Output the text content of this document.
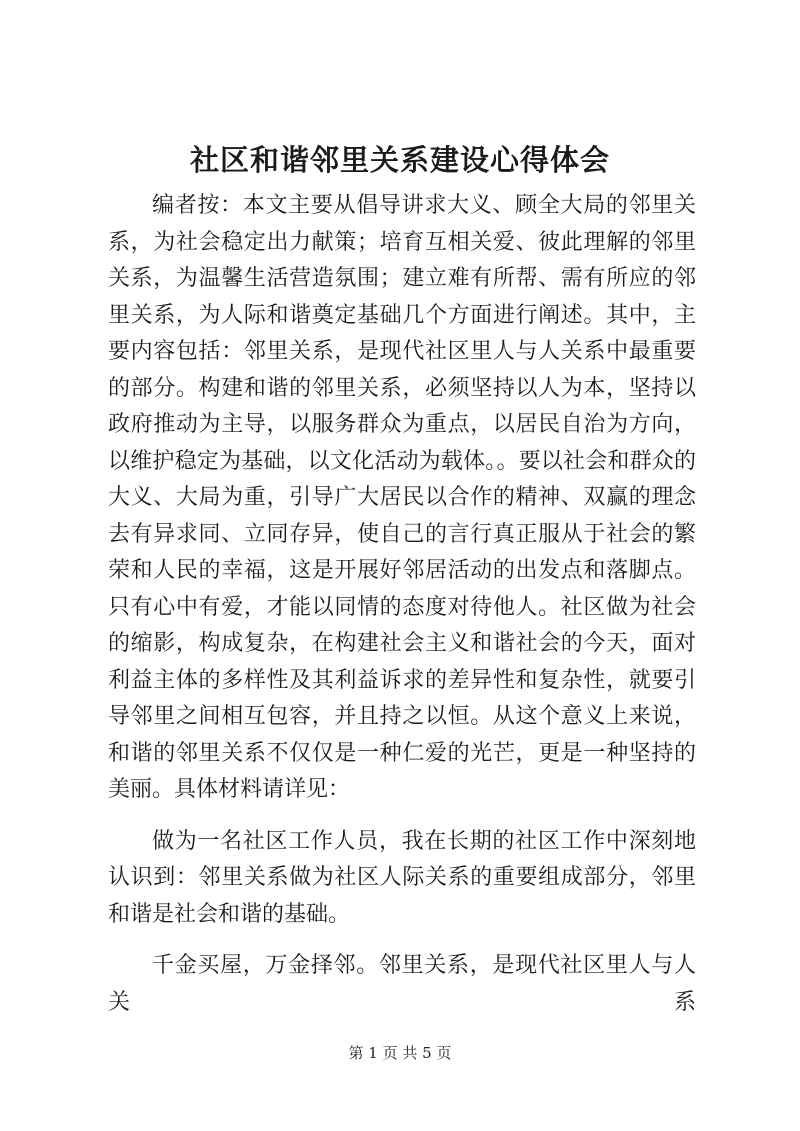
社区和谐邻里关系建设心得体会

编者按：本文主要从倡导讲求大义、顾全大局的邻里关系，为社会稳定出力献策；培育互相关爱、彼此理解的邻里关系，为温馨生活营造氛围；建立难有所帮、需有所应的邻里关系，为人际和谐奠定基础几个方面进行阐述。其中，主要内容包括：邻里关系，是现代社区里人与人关系中最重要的部分。构建和谐的邻里关系，必须坚持以人为本，坚持以政府推动为主导，以服务群众为重点，以居民自治为方向，以维护稳定为基础，以文化活动为载体。。要以社会和群众的大义、大局为重，引导广大居民以合作的精神、双赢的理念去有异求同、立同存异，使自己的言行真正服从于社会的繁荣和人民的幸福，这是开展好邻居活动的出发点和落脚点。只有心中有爱，才能以同情的态度对待他人。社区做为社会的缩影，构成复杂，在构建社会主义和谐社会的今天，面对利益主体的多样性及其利益诉求的差异性和复杂性，就要引导邻里之间相互包容，并且持之以恒。从这个意义上来说，和谐的邻里关系不仅仅是一种仁爱的光芒，更是一种坚持的美丽。具体材料请详见：

做为一名社区工作人员，我在长期的社区工作中深刻地认识到：邻里关系做为社区人际关系的重要组成部分，邻里和谐是社会和谐的基础。

千金买屋，万金择邻。邻里关系，是现代社区里人与人关系

第 1 页 共 5 页
